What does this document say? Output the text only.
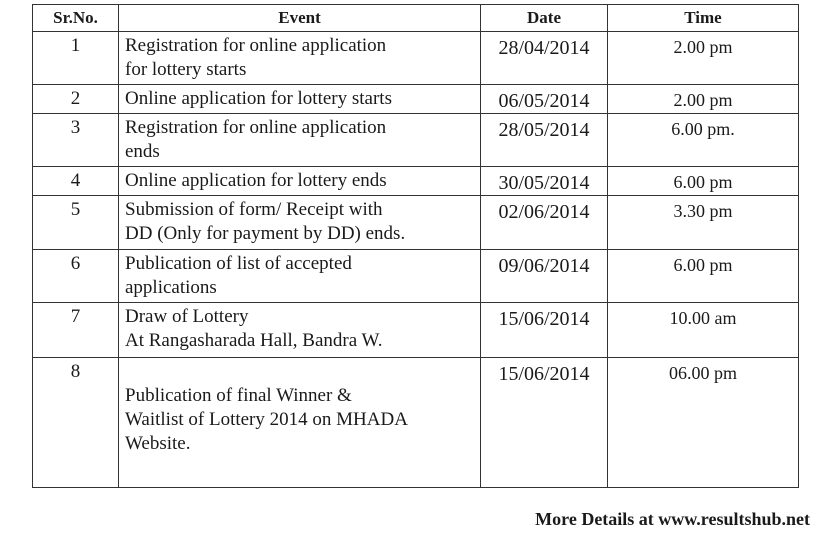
Sr.No.	Event	Date	Time
1	Registration for online application
for lottery starts	28/04/2014	2.00 pm
2	Online application for lottery starts	06/05/2014	2.00 pm
3	Registration for online application
ends	28/05/2014	6.00 pm.
4	Online application for lottery ends	30/05/2014	6.00 pm
5	Submission of form/ Receipt with
DD (Only for payment by DD) ends.	02/06/2014	3.30 pm
6	Publication of list of accepted
applications	09/06/2014	6.00 pm
7	Draw of Lottery
At Rangasharada Hall, Bandra W.	15/06/2014	10.00 am
8	Publication of final Winner &
Waitlist of Lottery 2014 on MHADA
Website.	15/06/2014	06.00 pm
More Details at www.resultshub.net
